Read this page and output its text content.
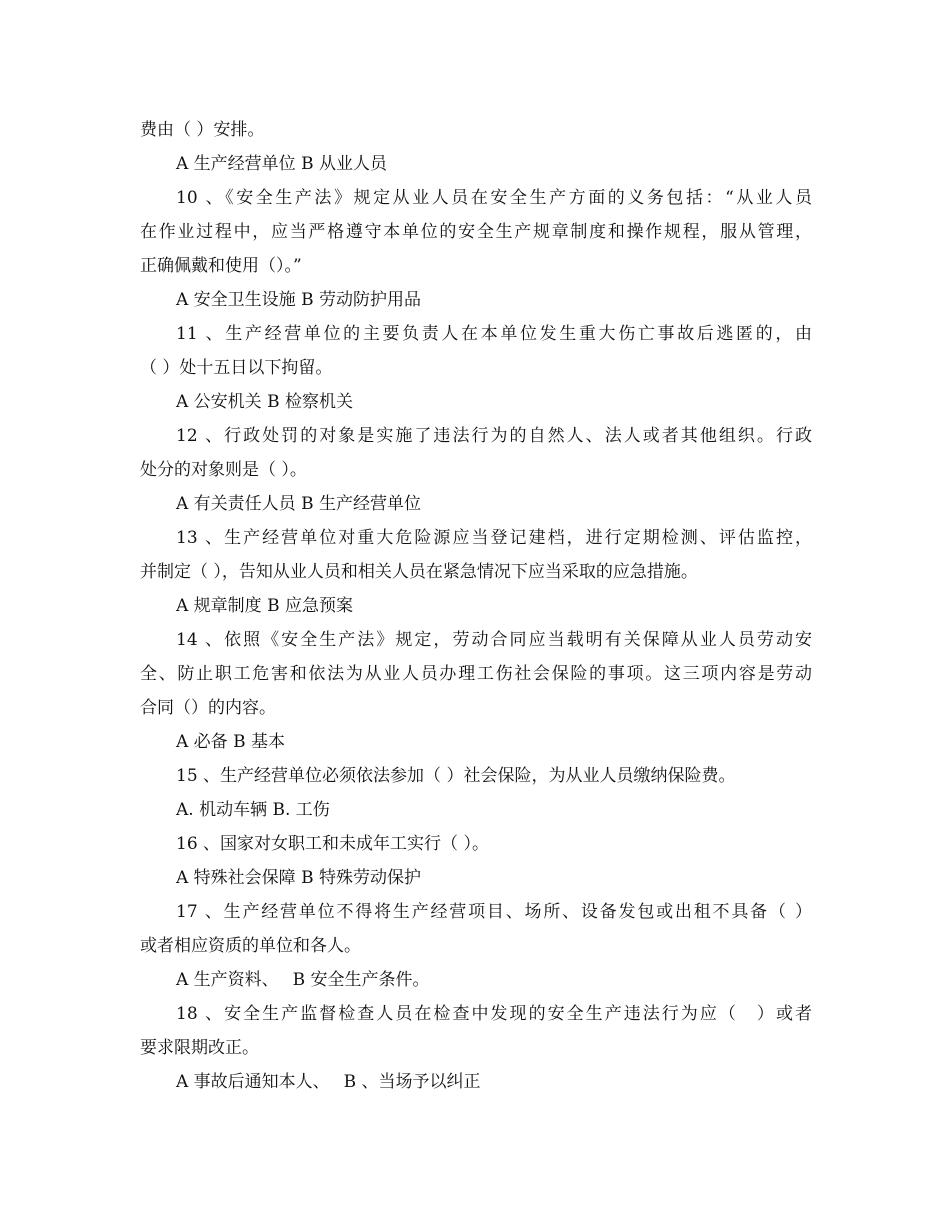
费由（ ）安排。
A 生产经营单位 B 从业人员
10 、《安全生产法》规定从业人员在安全生产方面的义务包括：“从业人员
在作业过程中，应当严格遵守本单位的安全生产规章制度和操作规程，服从管理，
正确佩戴和使用（）。”
A 安全卫生设施 B 劳动防护用品
11 、生产经营单位的主要负责人在本单位发生重大伤亡事故后逃匿的，由
（ ）处十五日以下拘留。
A 公安机关 B 检察机关
12 、行政处罚的对象是实施了违法行为的自然人、法人或者其他组织。行政
处分的对象则是（ ）。
A 有关责任人员 B 生产经营单位
13 、生产经营单位对重大危险源应当登记建档，进行定期检测、评估监控，
并制定（ ），告知从业人员和相关人员在紧急情况下应当采取的应急措施。
A 规章制度 B 应急预案
14 、依照《安全生产法》规定，劳动合同应当载明有关保障从业人员劳动安
全、防止职工危害和依法为从业人员办理工伤社会保险的事项。这三项内容是劳动
合同（）的内容。
A 必备 B 基本
15 、生产经营单位必须依法参加（ ）社会保险，为从业人员缴纳保险费。
A. 机动车辆 B. 工伤
16 、国家对女职工和未成年工实行（ ）。
A 特殊社会保障 B 特殊劳动保护
17 、生产经营单位不得将生产经营项目、场所、设备发包或出租不具备（ ）
或者相应资质的单位和各人。
A 生产资料、　 B 安全生产条件。
18 、安全生产监督检查人员在检查中发现的安全生产违法行为应（　）或者
要求限期改正。
A 事故后通知本人、　 B 、当场予以纠正
